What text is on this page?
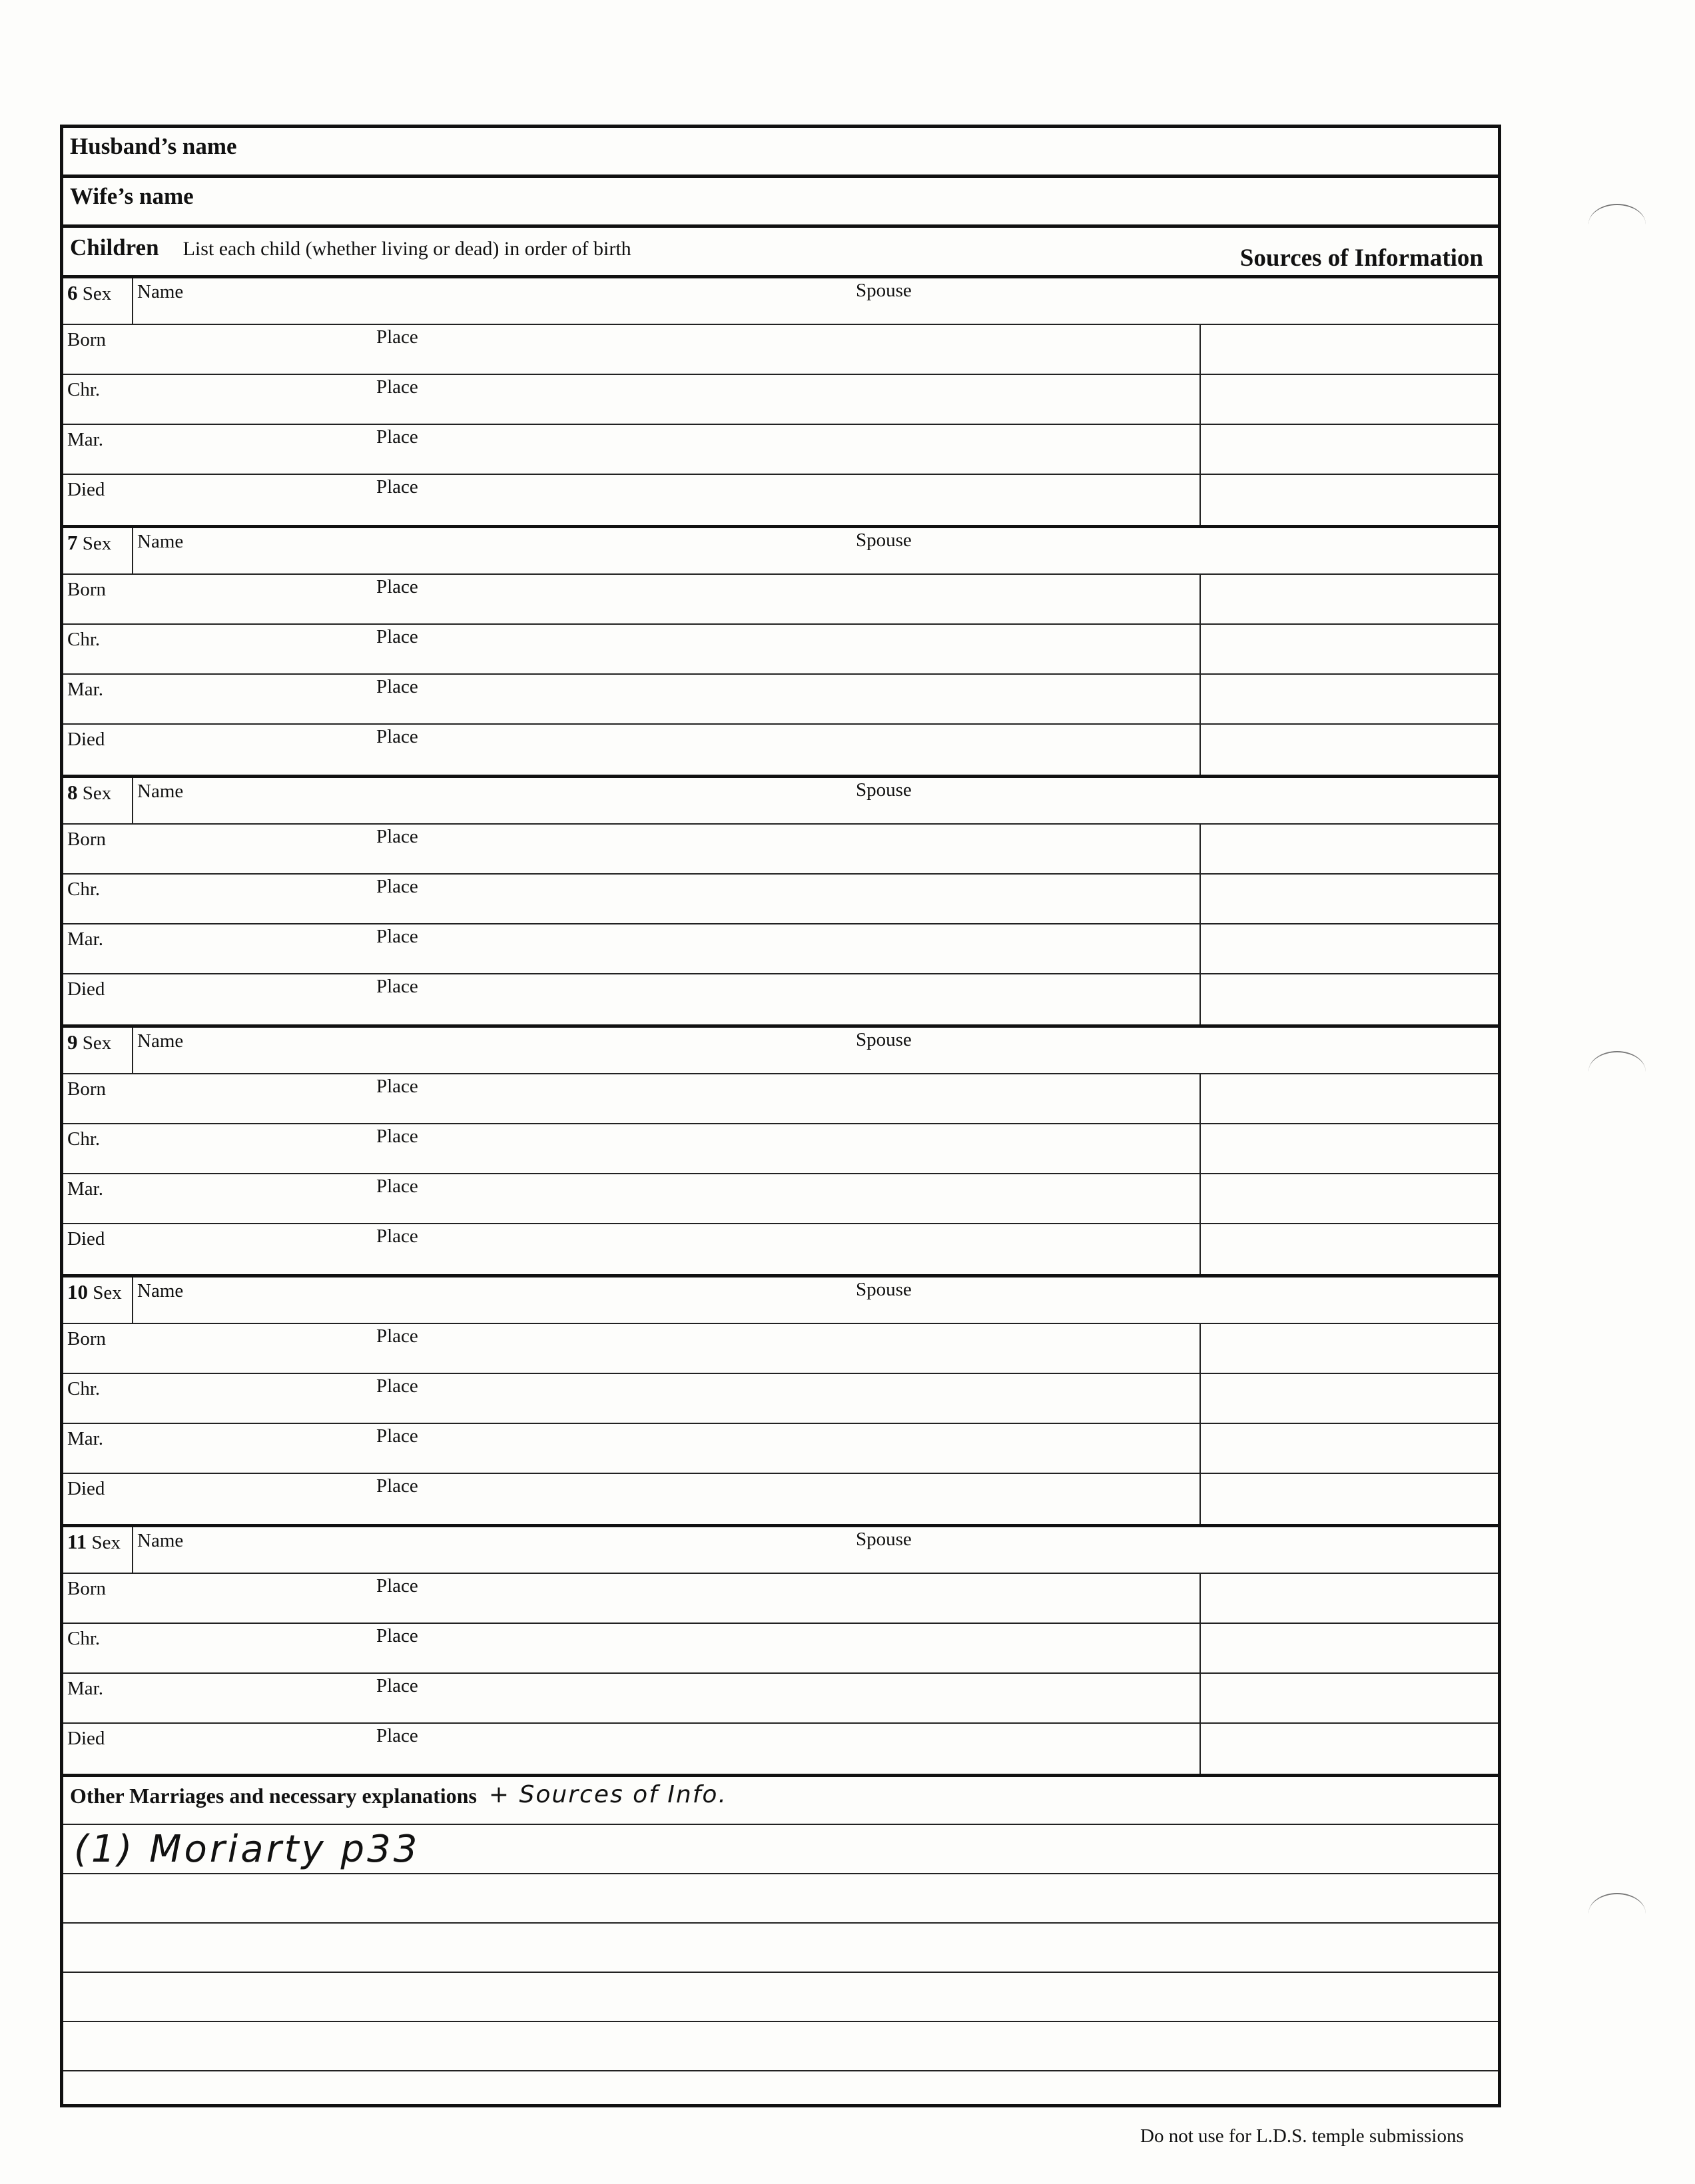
Husband’s name
Wife’s name
Children List each child (whether living or dead) in order of birth	Sources of Information
6 Sex	Name	Spouse
Born	Place
Chr.	Place
Mar.	Place
Died	Place
7 Sex	Name	Spouse
Born	Place
Chr.	Place
Mar.	Place
Died	Place
8 Sex	Name	Spouse
Born	Place
Chr.	Place
Mar.	Place
Died	Place
9 Sex	Name	Spouse
Born	Place
Chr.	Place
Mar.	Place
Died	Place
10 Sex Name	Spouse
Born	Place
Chr.	Place
Mar.	Place
Died	Place
11 Sex Name	Spouse
Born	Place
Chr.	Place
Mar.	Place
Died	Place
Other Marriages and necessary explanations + Sources of Info.
(1) Moriarty p33
Do not use for L.D.S. temple submissions
